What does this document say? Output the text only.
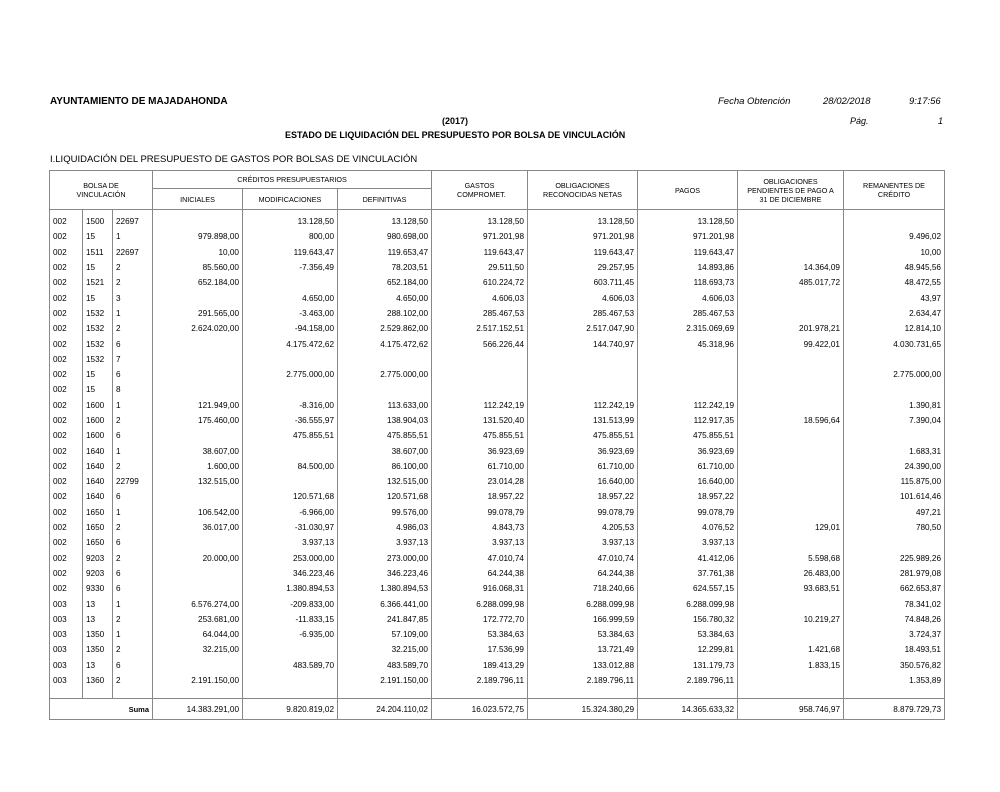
AYUNTAMIENTO DE MAJADAHONDA	Fecha Obtención	28/02/2018	9:17:56
(2017)	Pág.	1
ESTADO DE LIQUIDACIÓN DEL PRESUPUESTO POR BOLSA DE VINCULACIÓN
I.LIQUIDACIÓN DEL PRESUPUESTO DE GASTOS POR BOLSAS DE VINCULACIÓN
BOLSA DE VINCULACIÓN			CRÉDITOS PRESUPUESTARIOS			GASTOS COMPROMET.	OBLIGACIONES RECONOCIDAS NETAS	PAGOS	OBLIGACIONES PENDIENTES DE PAGO A 31 DE DICIEMBRE	REMANENTES DE CRÉDITO
			INICIALES	MODIFICACIONES	DEFINITIVAS					
002	1500	22697		13.128,50	13.128,50	13.128,50	13.128,50	13.128,50		
002	15	1	979.898,00	800,00	980.698,00	971.201,98	971.201,98	971.201,98		9.496,02
002	1511	22697	10,00	119.643,47	119.653,47	119.643,47	119.643,47	119.643,47		10,00
002	15	2	85.560,00	-7.356,49	78.203,51	29.511,50	29.257,95	14.893,86	14.364,09	48.945,56
002	1521	2	652.184,00		652.184,00	610.224,72	603.711,45	118.693,73	485.017,72	48.472,55
002	15	3		4.650,00	4.650,00	4.606,03	4.606,03	4.606,03		43,97
002	1532	1	291.565,00	-3.463,00	288.102,00	285.467,53	285.467,53	285.467,53		2.634,47
002	1532	2	2.624.020,00	-94.158,00	2.529.862,00	2.517.152,51	2.517.047,90	2.315.069,69	201.978,21	12.814,10
002	1532	6		4.175.472,62	4.175.472,62	566.226,44	144.740,97	45.318,96	99.422,01	4.030.731,65
002	1532	7								
002	15	6		2.775.000,00	2.775.000,00					2.775.000,00
002	15	8								
002	1600	1	121.949,00	-8.316,00	113.633,00	112.242,19	112.242,19	112.242,19		1.390,81
002	1600	2	175.460,00	-36.555,97	138.904,03	131.520,40	131.513,99	112.917,35	18.596,64	7.390,04
002	1600	6		475.855,51	475.855,51	475.855,51	475.855,51	475.855,51		
002	1640	1	38.607,00		38.607,00	36.923,69	36.923,69	36.923,69		1.683,31
002	1640	2	1.600,00	84.500,00	86.100,00	61.710,00	61.710,00	61.710,00		24.390,00
002	1640	22799	132.515,00		132.515,00	23.014,28	16.640,00	16.640,00		115.875,00
002	1640	6		120.571,68	120.571,68	18.957,22	18.957,22	18.957,22		101.614,46
002	1650	1	106.542,00	-6.966,00	99.576,00	99.078,79	99.078,79	99.078,79		497,21
002	1650	2	36.017,00	-31.030,97	4.986,03	4.843,73	4.205,53	4.076,52	129,01	780,50
002	1650	6		3.937,13	3.937,13	3.937,13	3.937,13	3.937,13		
002	9203	2	20.000,00	253.000,00	273.000,00	47.010,74	47.010,74	41.412,06	5.598,68	225.989,26
002	9203	6		346.223,46	346.223,46	64.244,38	64.244,38	37.761,38	26.483,00	281.979,08
002	9330	6		1.380.894,53	1.380.894,53	916.068,31	718.240,66	624.557,15	93.683,51	662.653,87
003	13	1	6.576.274,00	-209.833,00	6.366.441,00	6.288.099,98	6.288.099,98	6.288.099,98		78.341,02
003	13	2	253.681,00	-11.833,15	241.847,85	172.772,70	166.999,59	156.780,32	10.219,27	74.848,26
003	1350	1	64.044,00	-6.935,00	57.109,00	53.384,63	53.384,63	53.384,63		3.724,37
003	1350	2	32.215,00		32.215,00	17.536,99	13.721,49	12.299,81	1.421,68	18.493,51
003	13	6		483.589,70	483.589,70	189.413,29	133.012,88	131.179,73	1.833,15	350.576,82
003	1360	2	2.191.150,00		2.191.150,00	2.189.796,11	2.189.796,11	2.189.796,11		1.353,89

Suma			14.383.291,00	9.820.819,02	24.204.110,02	16.023.572,75	15.324.380,29	14.365.633,32	958.746,97	8.879.729,73
